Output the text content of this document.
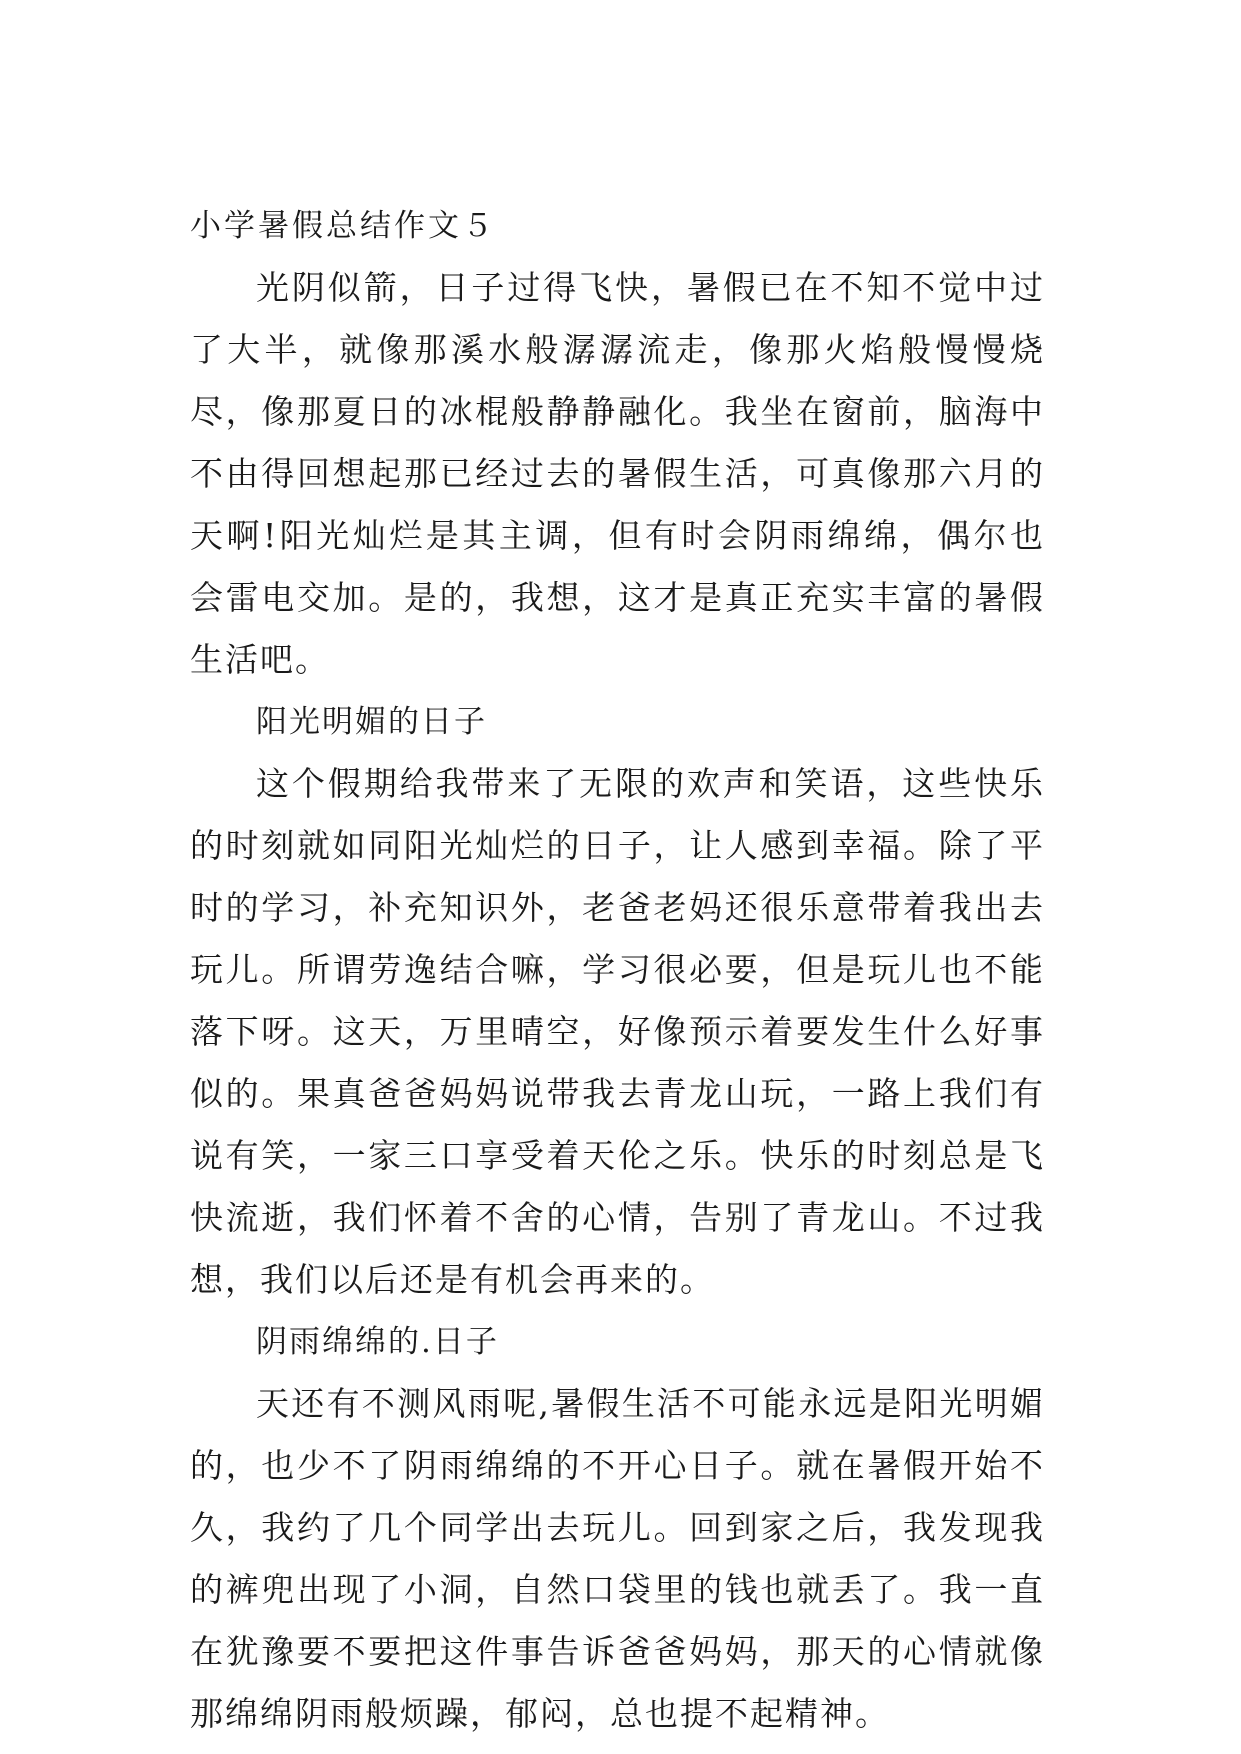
小学暑假总结作文５

光阴似箭，日子过得飞快，暑假已在不知不觉中过了大半，就像那溪水般潺潺流走，像那火焰般慢慢烧尽，像那夏日的冰棍般静静融化。我坐在窗前，脑海中不由得回想起那已经过去的暑假生活，可真像那六月的天啊!阳光灿烂是其主调，但有时会阴雨绵绵，偶尔也会雷电交加。是的，我想，这才是真正充实丰富的暑假生活吧。

阳光明媚的日子

这个假期给我带来了无限的欢声和笑语，这些快乐的时刻就如同阳光灿烂的日子，让人感到幸福。除了平时的学习，补充知识外，老爸老妈还很乐意带着我出去玩儿。所谓劳逸结合嘛，学习很必要，但是玩儿也不能落下呀。这天，万里晴空，好像预示着要发生什么好事似的。果真爸爸妈妈说带我去青龙山玩，一路上我们有说有笑，一家三口享受着天伦之乐。快乐的时刻总是飞快流逝，我们怀着不舍的心情，告别了青龙山。不过我想，我们以后还是有机会再来的。

阴雨绵绵的.日子

天还有不测风雨呢,暑假生活不可能永远是阳光明媚的，也少不了阴雨绵绵的不开心日子。就在暑假开始不久，我约了几个同学出去玩儿。回到家之后，我发现我的裤兜出现了小洞，自然口袋里的钱也就丢了。我一直在犹豫要不要把这件事告诉爸爸妈妈，那天的心情就像那绵绵阴雨般烦躁，郁闷，总也提不起精神。
